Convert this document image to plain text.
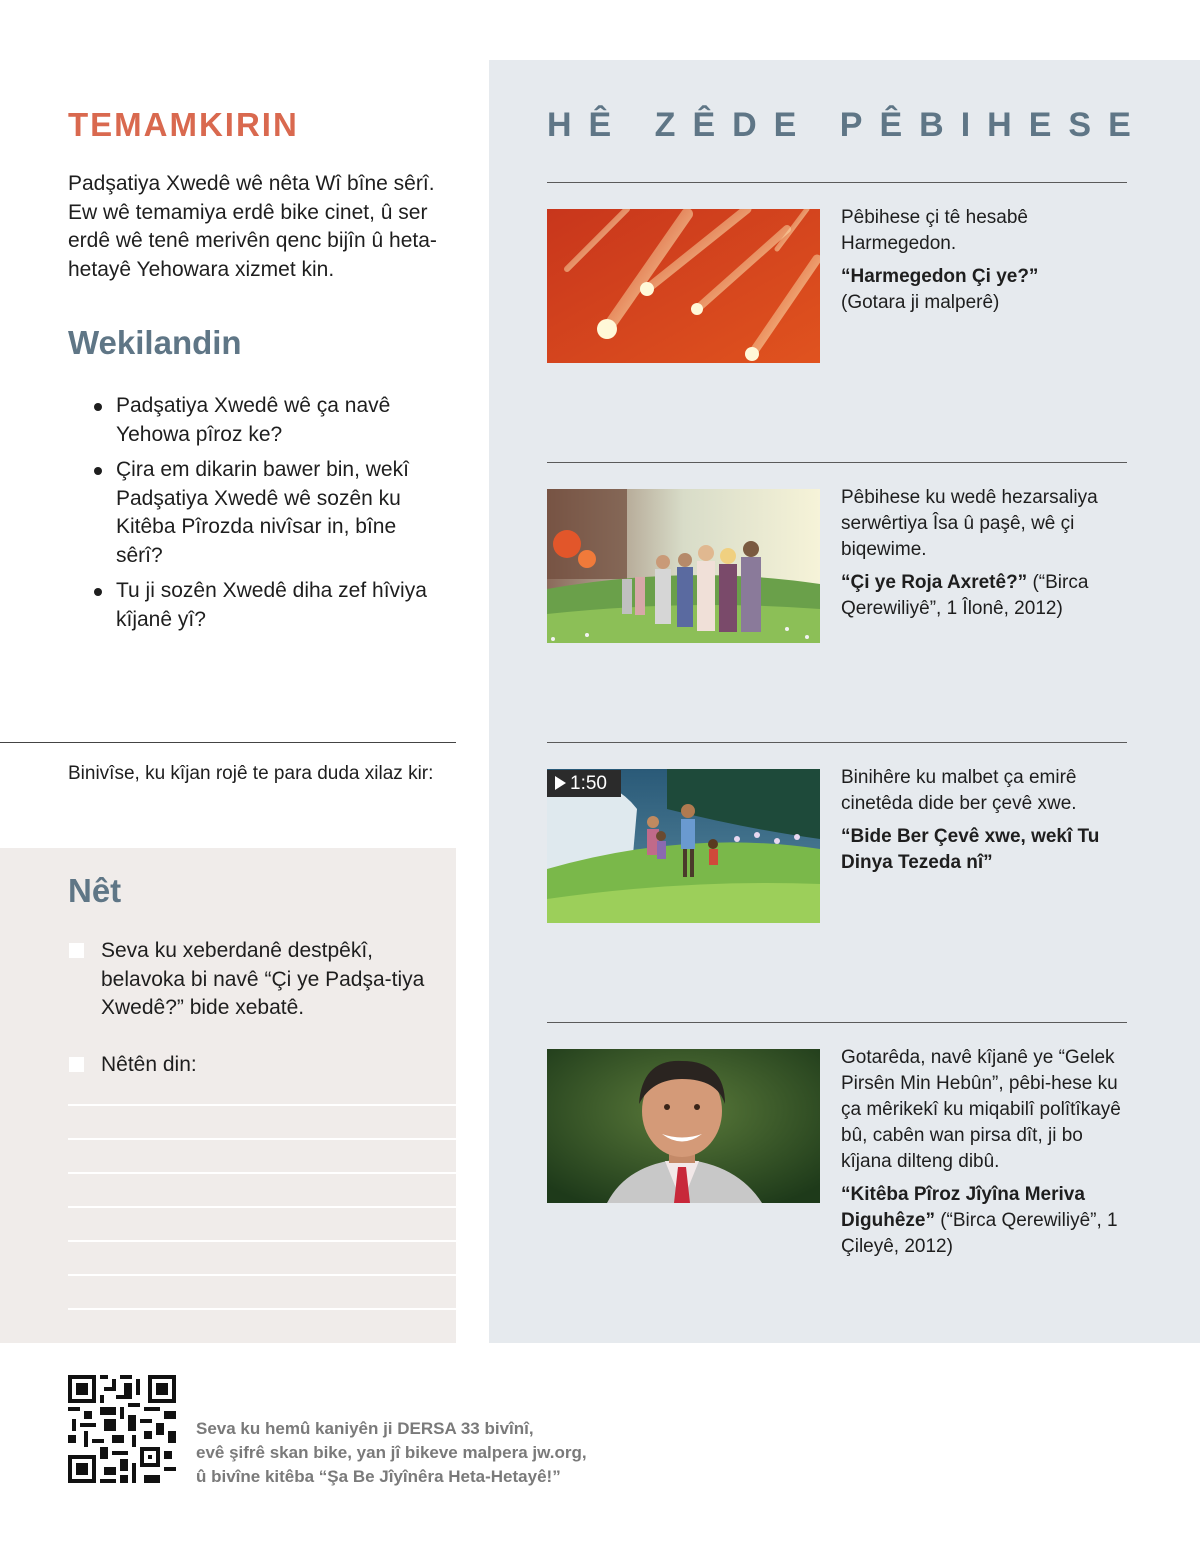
TEMAMKIRIN
Padşatiya Xwedê wê nêta Wî bîne sêrî. Ew wê temamiya erdê bike cinet, û ser erdê wê tenê merivên qenc bijîn û heta-hetayê Yehowara xizmet kin.
Wekilandin
Padşatiya Xwedê wê ça navê Yehowa pîroz ke?
Çira em dikarin bawer bin, wekî Padşatiya Xwedê wê sozên ku Kitêba Pîrozda nivîsar in, bîne sêrî?
Tu ji sozên Xwedê diha zef hîviya kîjanê yî?
Binivîse, ku kîjan rojê te para duda xilaz kir:
Nêt
Seva ku xeberdanê destpêkî, belavoka bi navê “Çi ye Padşa-tiya Xwedê?” bide xebatê.
Nêtên din:
HÊ ZÊDE PÊBIHESE
Pêbihese çi tê hesabê Harmegedon.
“Harmegedon Çi ye?”
(Gotara ji malperê)
Pêbihese ku wedê hezarsaliya serwêrtiya Îsa û paşê, wê çi biqewime.
“Çi ye Roja Axretê?” (“Birca Qerewiliyê”, 1 Îlonê, 2012)
1:50	Binihêre ku malbet ça emirê cinetêda dide ber çevê xwe.
“Bide Ber Çevê xwe, wekî Tu Dinya Tezeda nî”
Gotarêda, navê kîjanê ye “Gelek Pirsên Min Hebûn”, pêbi-hese ku ça mêrikekî ku miqabilî polîtîkayê bû, cabên wan pirsa dît, ji bo kîjana dilteng dibû.
“Kitêba Pîroz Jîyîna Meriva Diguhêze” (“Birca Qerewiliyê”, 1 Çileyê, 2012)
Seva ku hemû kaniyên ji DERSA 33 bivînî,
evê şifrê skan bike, yan jî bikeve malpera jw.org,
û bivîne kitêba “Şa Be Jîyînêra Heta-Hetayê!”
